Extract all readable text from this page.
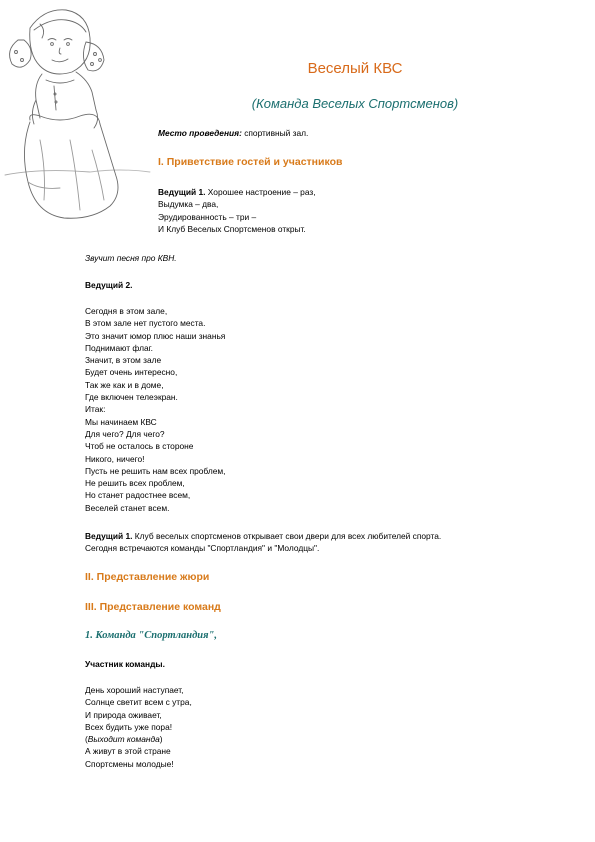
Веселый КВС
(Команда Веселых Спортсменов)
Место проведения: спортивный зал.
I. Приветствие гостей и участников
Ведущий 1. Хорошее настроение – раз,
Выдумка – два,
Эрудированность – три –
И Клуб Веселых Спортсменов открыт.
Звучит песня про КВН.
Ведущий 2.
Сегодня в этом зале,
В этом зале нет пустого места.
Это значит юмор плюс наши знанья
Поднимают флаг.
Значит, в этом зале
Будет очень интересно,
Так же как и в доме,
Где включен телеэкран.
Итак:
Мы начинаем КВС
Для чего? Для чего?
Чтоб не осталось в стороне
Никого, ничего!
Пусть не решить нам всех проблем,
Не решить всех проблем,
Но станет радостнее всем,
Веселей станет всем.
Ведущий 1. Клуб веселых спортсменов открывает свои двери для всех любителей спорта.
Сегодня встречаются команды "Спортландия" и "Молодцы".
II. Представление жюри
III. Представление команд
1. Команда "Спортландия",
Участник команды.
День хороший наступает,
Солнце светит всем с утра,
И природа оживает,
Всех будить уже пора!
(Выходит команда)
А живут в этой стране
Спортсмены молодые!
